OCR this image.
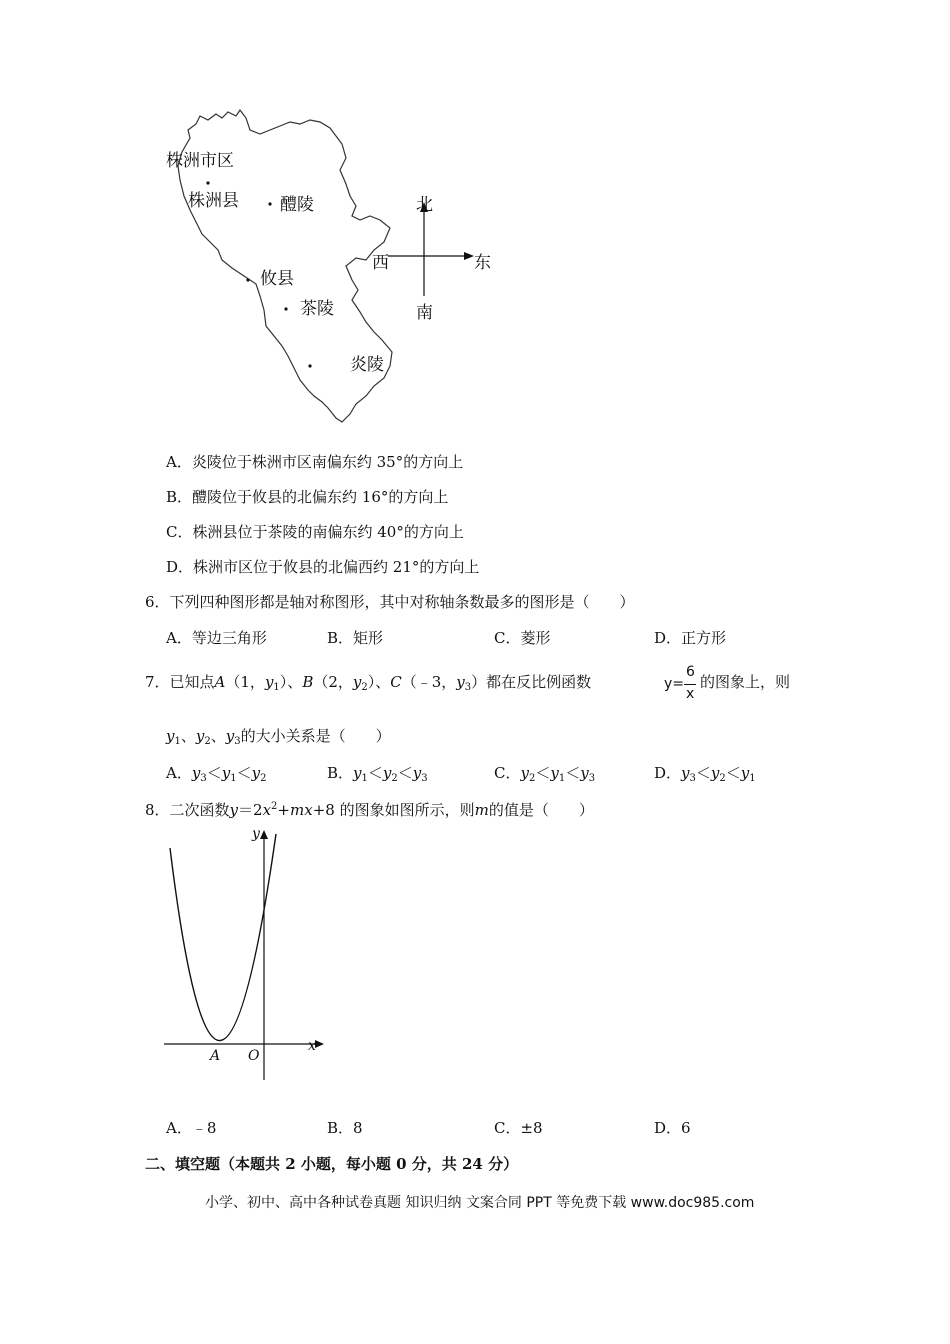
株洲市区
株洲县 醴陵
攸县
茶陵
炎陵
北
西	东
南
A．炎陵位于株洲市区南偏东约 35°的方向上
B．醴陵位于攸县的北偏东约 16°的方向上
C．株洲县位于茶陵的南偏东约 40°的方向上
D．株洲市区位于攸县的北偏西约 21°的方向上
6．下列四种图形都是轴对称图形，其中对称轴条数最多的图形是（　　）
A．等边三角形	B．矩形	C．菱形	D．正方形
7．已知点A（1，$y_1$）、B（2，$y_2$）、C（﹣3，$y_3$）都在反比例函数	y=
6
x
的图象上，则
$y_1$、$y_2$、$y_3$的大小关系是（　　）
A．$y_3<y_1<y_2$	B．$y_1<y_2<y_3$	C．$y_2<y_1<y_3$	D．$y_3<y_2<y_1$
8．二次函数$y=2x^2+mx+8$ 的图象如图所示，则m的值是（　　）
y
x
A O
A．﹣8	B．8	C．±8	D．6
二、填空题（本题共 2 小题，每小题 0 分，共 24 分）
小学、初中、高中各种试卷真题 知识归纳 文案合同 PPT 等免费下载 www.doc985.com
